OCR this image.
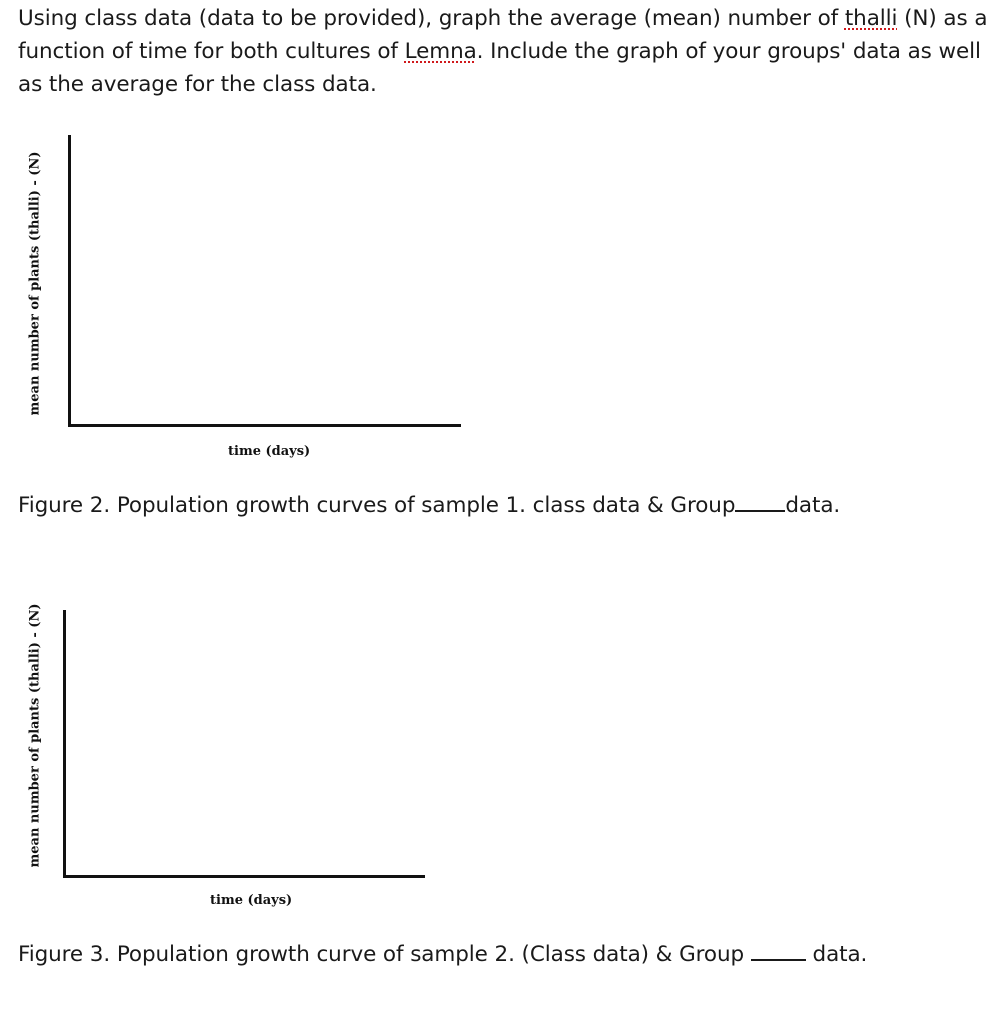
Using class data (data to be provided), graph the average (mean) number of thalli (N) as a function of time for both cultures of Lemna. Include the graph of your groups' data as well as the average for the class data.
mean number of plants (thalli) - (N)
time (days)
Figure 2. Population growth curves of sample 1. class data & Group data.
mean number of plants (thalli) - (N)
time (days)
Figure 3. Population growth curve of sample 2. (Class data) & Group	data.
